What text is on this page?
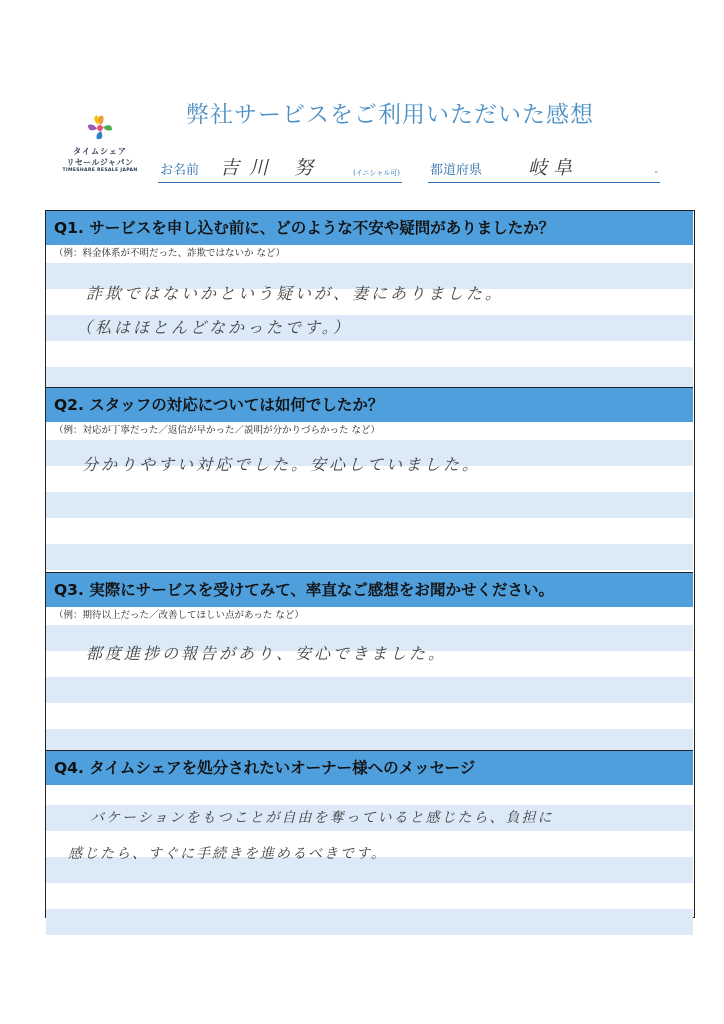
タイムシェア
リセールジャパン
TIMESHARE RESALE JAPAN
弊社サービスをご利用いただいた感想
お名前 吉川 努	(イニシャル可) 都道府県 岐阜	-
Q1. サービスを申し込む前に、どのような不安や疑問がありましたか？
（例：料金体系が不明だった、詐欺ではないか など）
詐欺ではないかという疑いが、妻にありました。
（私はほとんどなかったです。）
Q2. スタッフの対応については如何でしたか？
（例：対応が丁寧だった／返信が早かった／説明が分かりづらかった など）
分かりやすい対応でした。安心していました。
Q3. 実際にサービスを受けてみて、率直なご感想をお聞かせください。
（例：期待以上だった／改善してほしい点があった など）
都度進捗の報告があり、安心できました。
Q4. タイムシェアを処分されたいオーナー様へのメッセージ
バケーションをもつことが自由を奪っていると感じたら、負担に
感じたら、すぐに手続きを進めるべきです。
